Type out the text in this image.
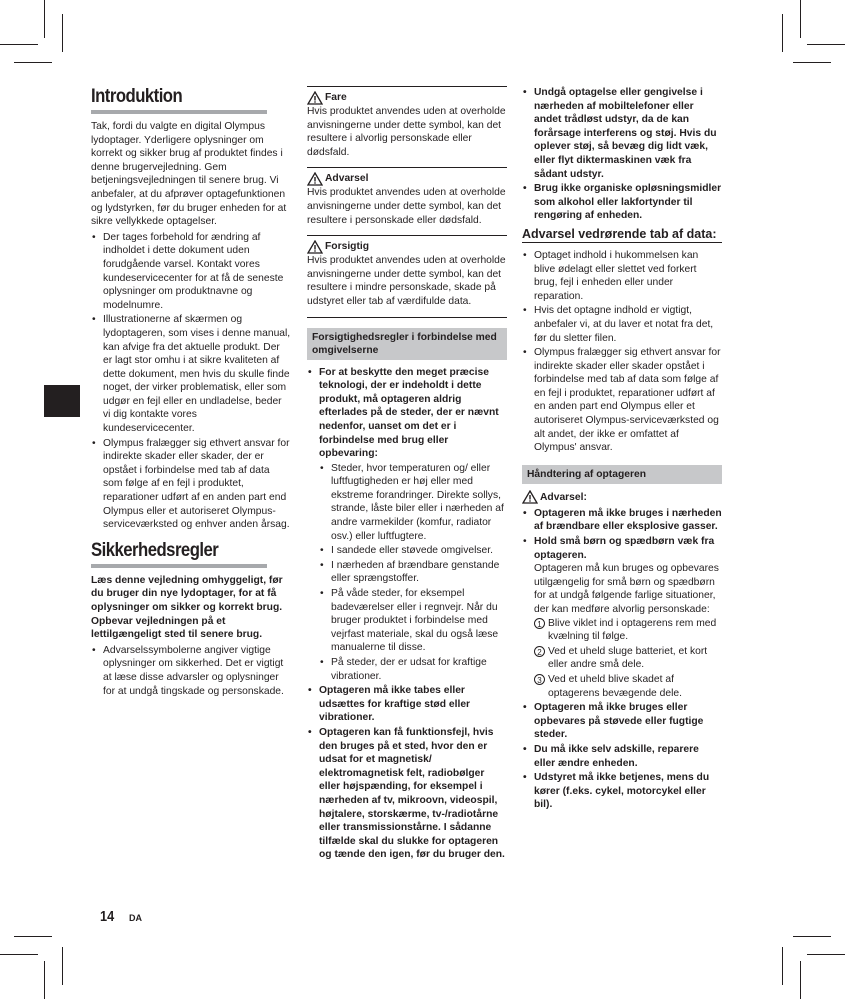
Introduktion

Tak, fordi du valgte en digital Olympus lydoptager. Yderligere oplysninger om korrekt og sikker brug af produktet findes i denne brugervejledning. Gem betjeningsvejledningen til senere brug. Vi anbefaler, at du afprøver optagefunktionen og lydstyrken, før du bruger enheden for at sikre vellykkede optagelser.

• Der tages forbehold for ændring af indholdet i dette dokument uden forudgående varsel. Kontakt vores kundeservicecenter for at få de seneste oplysninger om produktnavne og modelnumre.
• Illustrationerne af skærmen og lydoptageren, som vises i denne manual, kan afvige fra det aktuelle produkt. Der er lagt stor omhu i at sikre kvaliteten af dette dokument, men hvis du skulle finde noget, der virker problematisk, eller som udgør en fejl eller en undladelse, beder vi dig kontakte vores kundeservicecenter.
• Olympus fralægger sig ethvert ansvar for indirekte skader eller skader, der er opstået i forbindelse med tab af data som følge af en fejl i produktet, reparationer udført af en anden part end Olympus eller et autoriseret Olympus-serviceværksted og enhver anden årsag.
Sikkerhedsregler

Læs denne vejledning omhyggeligt, før du bruger din nye lydoptager, for at få oplysninger om sikker og korrekt brug. Opbevar vejledningen på et lettilgængeligt sted til senere brug.

• Advarselssymbolerne angiver vigtige oplysninger om sikkerhed. Det er vigtigt at læse disse advarsler og oplysninger for at undgå tingskade og personskade.
Fare

Hvis produktet anvendes uden at overholde anvisningerne under dette symbol, kan det resultere i alvorlig personskade eller dødsfald.

Advarsel

Hvis produktet anvendes uden at overholde anvisningerne under dette symbol, kan det resultere i personskade eller dødsfald.

Forsigtig

Hvis produktet anvendes uden at overholde anvisningerne under dette symbol, kan det resultere i mindre personskade, skade på udstyret eller tab af værdifulde data.

Forsigtighedsregler i forbindelse med omgivelserne
• For at beskytte den meget præcise teknologi, der er indeholdt i dette produkt, må optageren aldrig efterlades på de steder, der er nævnt nedenfor, uanset om det er i forbindelse med brug eller opbevaring:
• Steder, hvor temperaturen og/ eller luftfugtigheden er høj eller med ekstreme forandringer. Direkte sollys, strande, låste biler eller i nærheden af andre varmekilder (komfur, radiator osv.) eller luftfugtere.
• I sandede eller støvede omgivelser.
• I nærheden af brændbare genstande eller sprængstoffer.
• På våde steder, for eksempel badeværelser eller i regnvejr. Når du bruger produktet i forbindelse med vejrfast materiale, skal du også læse manualerne til disse.
• På steder, der er udsat for kraftige vibrationer.
• Optageren må ikke tabes eller udsættes for kraftige stød eller vibrationer.
• Optageren kan få funktionsfejl, hvis den bruges på et sted, hvor den er udsat for et magnetisk/ elektromagnetisk felt, radiobølger eller højspænding, for eksempel i nærheden af tv, mikroovn, videospil, højtalere, storskærme, tv-/radiotårne eller transmissionstårne. I sådanne tilfælde skal du slukke for optageren og tænde den igen, før du bruger den.
• Undgå optagelse eller gengivelse i nærheden af mobiltelefoner eller andet trådløst udstyr, da de kan forårsage interferens og støj. Hvis du oplever støj, så bevæg dig lidt væk, eller flyt diktermaskinen væk fra sådant udstyr.
• Brug ikke organiske opløsningsmidler som alkohol eller lakfortynder til rengøring af enheden.
Advarsel vedrørende tab af data:
• Optaget indhold i hukommelsen kan blive ødelagt eller slettet ved forkert brug, fejl i enheden eller under reparation.
• Hvis det optagne indhold er vigtigt, anbefaler vi, at du laver et notat fra det, før du sletter filen.
• Olympus fralægger sig ethvert ansvar for indirekte skader eller skader opstået i forbindelse med tab af data som følge af en fejl i produktet, reparationer udført af en anden part end Olympus eller et autoriseret Olympus-serviceværksted og alt andet, der ikke er omfattet af Olympus' ansvar.
Håndtering af optageren
Advarsel:
• Optageren må ikke bruges i nærheden af brændbare eller eksplosive gasser.
• Hold små børn og spædbørn væk fra optageren.
Optageren må kun bruges og opbevares utilgængelig for små børn og spædbørn for at undgå følgende farlige situationer, der kan medføre alvorlig personskade:
1 Blive viklet ind i optagerens rem med kvælning til følge.
2 Ved et uheld sluge batteriet, et kort eller andre små dele.
3 Ved et uheld blive skadet af optagerens bevægende dele.
• Optageren må ikke bruges eller opbevares på støvede eller fugtige steder.
• Du må ikke selv adskille, reparere eller ændre enheden.
• Udstyret må ikke betjenes, mens du kører (f.eks. cykel, motorcykel eller bil).
14 DA
